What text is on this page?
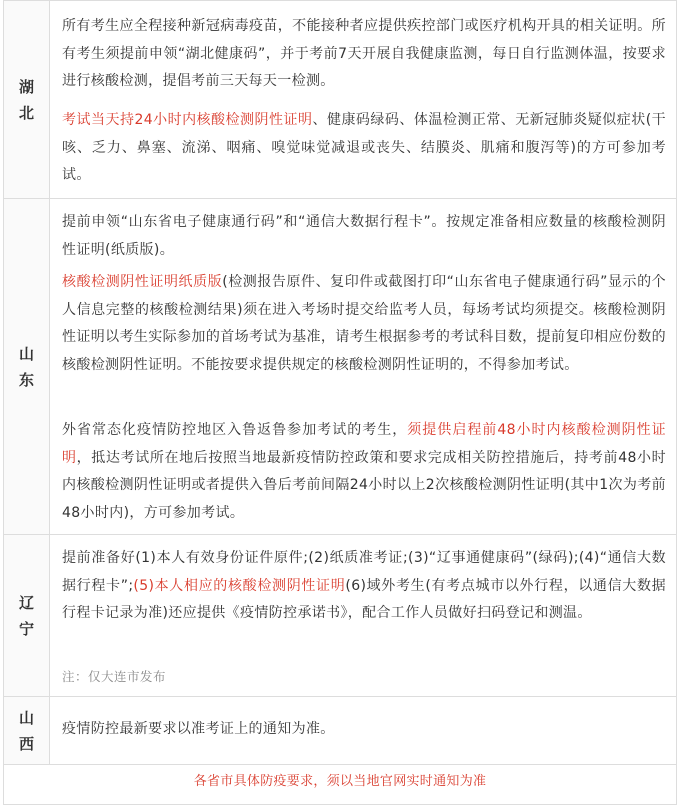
湖
北

所有考生应全程接种新冠病毒疫苗，不能接种者应提供疾控部门或医疗机构开具的相关证明。所有考生须提前申领“湖北健康码”，并于考前7天开展自我健康监测，每日自行监测体温，按要求进行核酸检测，提倡考前三天每天一检测。

考试当天持24小时内核酸检测阴性证明、健康码绿码、体温检测正常、无新冠肺炎疑似症状(干咳、乏力、鼻塞、流涕、咽痛、嗅觉味觉减退或丧失、结膜炎、肌痛和腹泻等)的方可参加考试。

山
东

提前申领“山东省电子健康通行码”和“通信大数据行程卡”。按规定准备相应数量的核酸检测阴性证明(纸质版)。

核酸检测阴性证明纸质版(检测报告原件、复印件或截图打印“山东省电子健康通行码”显示的个人信息完整的核酸检测结果)须在进入考场时提交给监考人员，每场考试均须提交。核酸检测阴性证明以考生实际参加的首场考试为基准，请考生根据参考的考试科目数，提前复印相应份数的核酸检测阴性证明。不能按要求提供规定的核酸检测阴性证明的，不得参加考试。

外省常态化疫情防控地区入鲁返鲁参加考试的考生，须提供启程前48小时内核酸检测阴性证明，抵达考试所在地后按照当地最新疫情防控政策和要求完成相关防控措施后，持考前48小时内核酸检测阴性证明或者提供入鲁后考前间隔24小时以上2次核酸检测阴性证明(其中1次为考前48小时内)，方可参加考试。

辽
宁

提前准备好(1)本人有效身份证件原件;(2)纸质准考证;(3)“辽事通健康码”(绿码);(4)“通信大数据行程卡”;(5)本人相应的核酸检测阴性证明(6)域外考生(有考点城市以外行程，以通信大数据行程卡记录为准)还应提供《疫情防控承诺书》，配合工作人员做好扫码登记和测温。

注：仅大连市发布
山
西

疫情防控最新要求以准考证上的通知为准。

各省市具体防疫要求，须以当地官网实时通知为准
